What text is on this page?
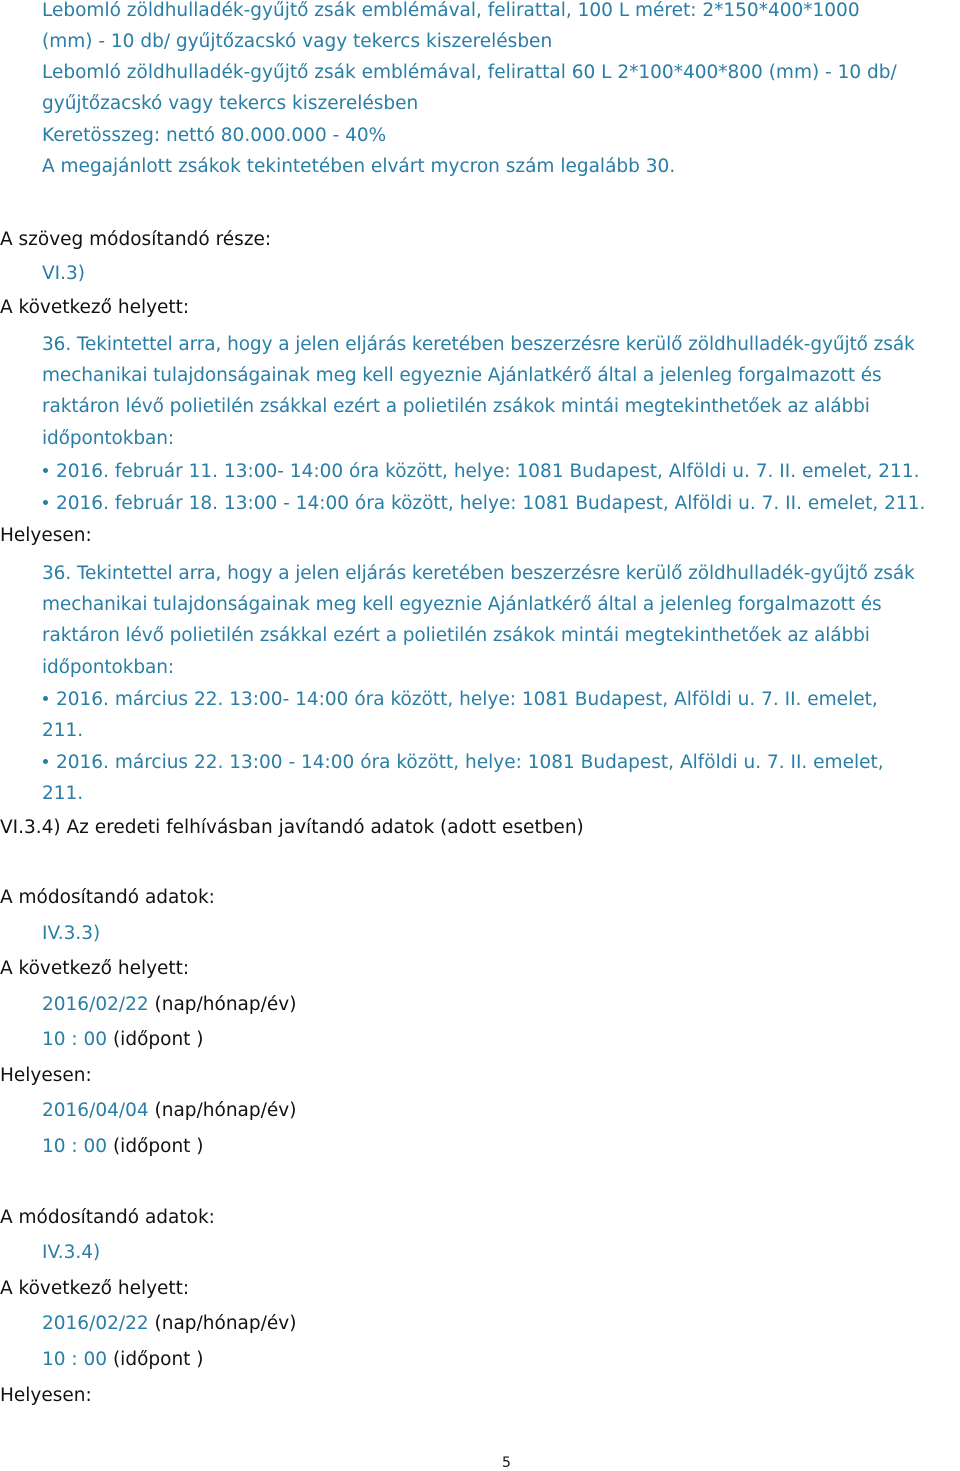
Lebomló zöldhulladék-gyűjtő zsák emblémával, felirattal, 100 L méret: 2*150*400*1000
(mm) - 10 db/ gyűjtőzacskó vagy tekercs kiszerelésben
Lebomló zöldhulladék-gyűjtő zsák emblémával, felirattal 60 L 2*100*400*800 (mm) - 10 db/
gyűjtőzacskó vagy tekercs kiszerelésben
Keretösszeg: nettó 80.000.000 - 40%
A megajánlott zsákok tekintetében elvárt mycron szám legalább 30.
A szöveg módosítandó része:
VI.3)
A következő helyett:
36. Tekintettel arra, hogy a jelen eljárás keretében beszerzésre kerülő zöldhulladék-gyűjtő zsák mechanikai tulajdonságainak meg kell egyeznie Ajánlatkérő által a jelenleg forgalmazott és raktáron lévő polietilén zsákkal ezért a polietilén zsákok mintái megtekinthetőek az alábbi időpontokban:
2016. február 11. 13:00- 14:00 óra között, helye: 1081 Budapest, Alföldi u. 7. II. emelet, 211.
2016. február 18. 13:00 - 14:00 óra között, helye: 1081 Budapest, Alföldi u. 7. II. emelet, 211.
Helyesen:
36. Tekintettel arra, hogy a jelen eljárás keretében beszerzésre kerülő zöldhulladék-gyűjtő zsák mechanikai tulajdonságainak meg kell egyeznie Ajánlatkérő által a jelenleg forgalmazott és raktáron lévő polietilén zsákkal ezért a polietilén zsákok mintái megtekinthetőek az alábbi időpontokban:
2016. március 22. 13:00- 14:00 óra között, helye: 1081 Budapest, Alföldi u. 7. II. emelet, 211.
2016. március 22. 13:00 - 14:00 óra között, helye: 1081 Budapest, Alföldi u. 7. II. emelet, 211.
VI.3.4) Az eredeti felhívásban javítandó adatok (adott esetben)
A módosítandó adatok:
IV.3.3)
A következő helyett:
2016/02/22 (nap/hónap/év)
10 : 00 (időpont )
Helyesen:
2016/04/04 (nap/hónap/év)
10 : 00 (időpont )
A módosítandó adatok:
IV.3.4)
A következő helyett:
2016/02/22 (nap/hónap/év)
10 : 00 (időpont )
Helyesen:
5
